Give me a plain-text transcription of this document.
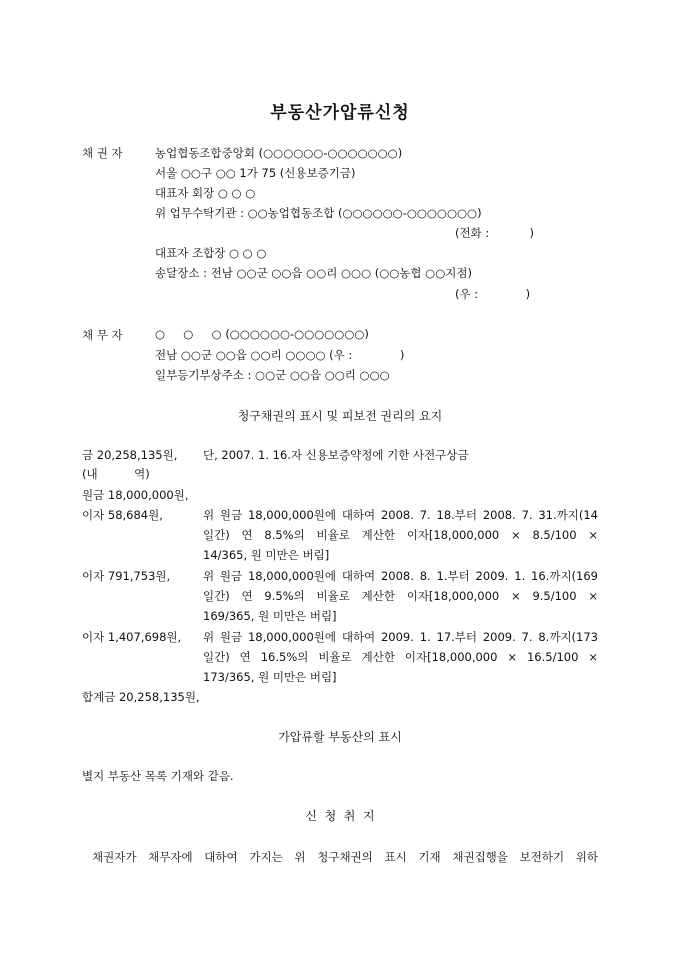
부동산가압류신청
채 권 자	농업협동조합중앙회 (○○○○○○-○○○○○○○)
서울 ○○구 ○○ 1가 75 (신용보증기금)
대표자 회장 ○ ○ ○
위 업무수탁기관 : ○○농업협동조합 (○○○○○○-○○○○○○○)
(전화 :           )
대표자 조합장 ○ ○ ○
송달장소 : 전남 ○○군 ○○읍 ○○리 ○○○ (○○농협 ○○지점)
(우 :             )
채 무 자	○     ○     ○ (○○○○○○-○○○○○○○)
전남 ○○군 ○○읍 ○○리 ○○○○ (우 :             )
일부등기부상주소 : ○○군 ○○읍 ○○리 ○○○
청구채권의 표시 및 피보전 권리의 요지
금 20,258,135원, 단, 2007. 1. 16.자 신용보증약정에 기한 사전구상금
(내          역)
원금 18,000,000원,
이자 58,684원,	위 원금 18,000,000원에 대하여 2008. 7. 18.부터 2008. 7. 31.까지(14
일간) 연 8.5%의 비율로 계산한 이자[18,000,000 × 8.5/100 ×
14/365, 원 미만은 버림]
이자 791,753원,	위 원금 18,000,000원에 대하여 2008. 8. 1.부터 2009. 1. 16.까지(169
일간) 연 9.5%의 비율로 계산한 이자[18,000,000 × 9.5/100 ×
169/365, 원 미만은 버림]
이자 1,407,698원, 위 원금 18,000,000원에 대하여 2009. 1. 17.부터 2009. 7. 8.까지(173
일간) 연 16.5%의 비율로 계산한 이자[18,000,000 × 16.5/100 ×
173/365, 원 미만은 버림]
합계금 20,258,135원,
가압류할 부동산의 표시
별지 부동산 목록 기재와 같음.
신  청  취  지
채권자가 채무자에 대하여 가지는 위 청구채권의 표시 기재 채권집행을 보전하기 위하
